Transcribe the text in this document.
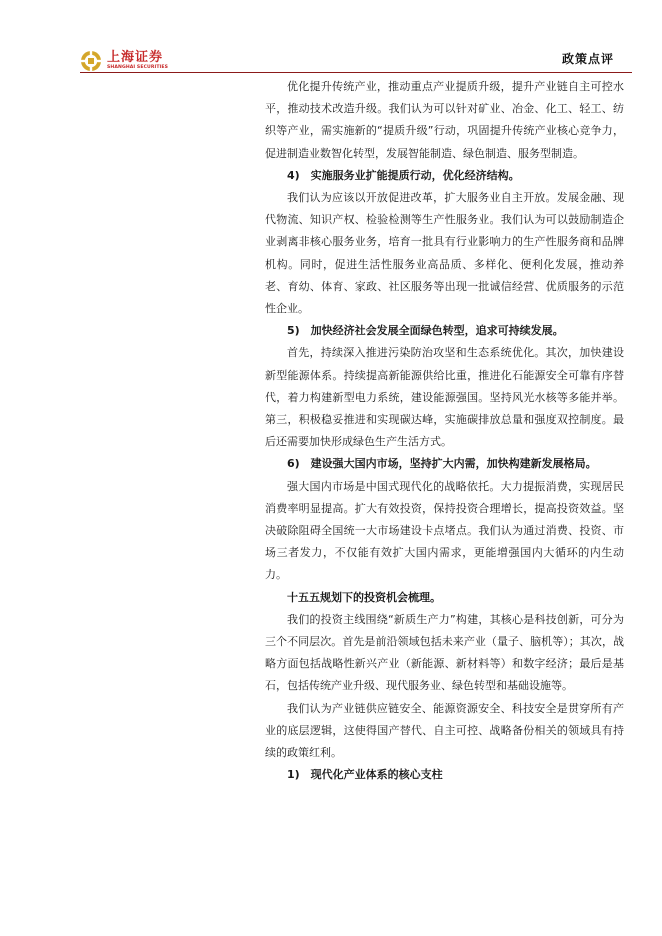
上海证券
SHANGHAI SECURITIES
政策点评

优化提升传统产业，推动重点产业提质升级，提升产业链自主可控水平，推动技术改造升级。我们认为可以针对矿业、冶金、化工、轻工、纺织等产业，需实施新的“提质升级”行动，巩固提升传统产业核心竞争力，促进制造业数智化转型，发展智能制造、绿色制造、服务型制造。

4)　实施服务业扩能提质行动，优化经济结构。

我们认为应该以开放促进改革，扩大服务业自主开放。发展金融、现代物流、知识产权、检验检测等生产性服务业。我们认为可以鼓励制造企业剥离非核心服务业务，培育一批具有行业影响力的生产性服务商和品牌机构。同时，促进生活性服务业高品质、多样化、便利化发展，推动养老、育幼、体育、家政、社区服务等出现一批诚信经营、优质服务的示范性企业。

5)　加快经济社会发展全面绿色转型，追求可持续发展。

首先，持续深入推进污染防治攻坚和生态系统优化。其次，加快建设新型能源体系。持续提高新能源供给比重，推进化石能源安全可靠有序替代，着力构建新型电力系统，建设能源强国。坚持风光水核等多能并举。第三，积极稳妥推进和实现碳达峰，实施碳排放总量和强度双控制度。最后还需要加快形成绿色生产生活方式。

6)　建设强大国内市场，坚持扩大内需，加快构建新发展格局。

强大国内市场是中国式现代化的战略依托。大力提振消费，实现居民消费率明显提高。扩大有效投资，保持投资合理增长，提高投资效益。坚决破除阻碍全国统一大市场建设卡点堵点。我们认为通过消费、投资、市场三者发力，不仅能有效扩大国内需求，更能增强国内大循环的内生动力。

十五五规划下的投资机会梳理。

我们的投资主线围绕“新质生产力”构建，其核心是科技创新，可分为三个不同层次。首先是前沿领域包括未来产业（量子、脑机等）；其次，战略方面包括战略性新兴产业（新能源、新材料等）和数字经济；最后是基石，包括传统产业升级、现代服务业、绿色转型和基础设施等。

我们认为产业链供应链安全、能源资源安全、科技安全是贯穿所有产业的底层逻辑，这使得国产替代、自主可控、战略备份相关的领域具有持续的政策红利。

1)　现代化产业体系的核心支柱
